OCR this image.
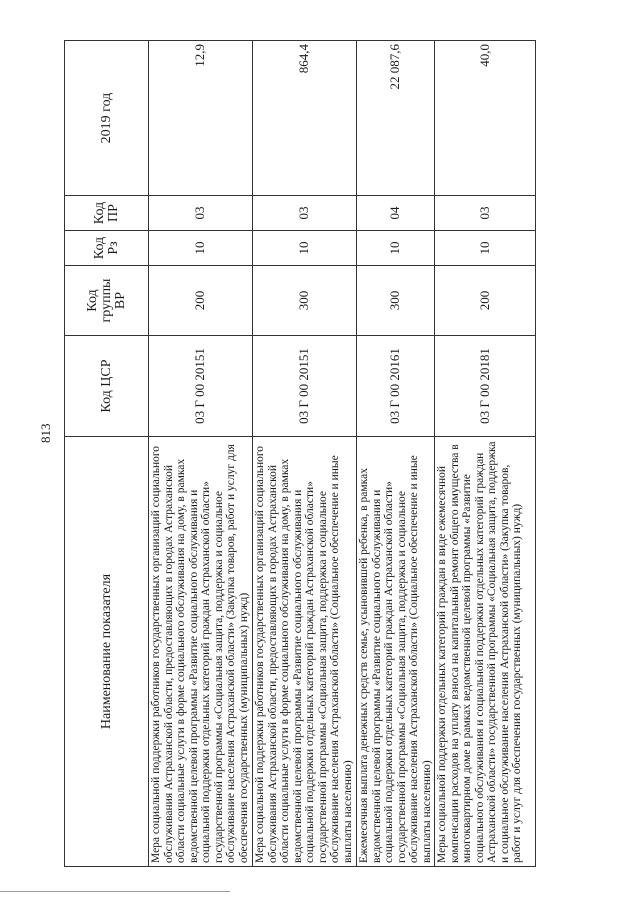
813
Наименование показателя	Код ЦСР	Код группы ВР	Код Рз	Код ПР	2019 год
Мера социальной поддержки работников государственных организаций социального обслуживания Астраханской области, предоставляющих в городах Астраханской области социальные услуги в форме социального обслуживания на дому, в рамках ведомственной целевой программы «Развитие социального обслуживания и социальной поддержки отдельных категорий граждан Астраханской области» государственной программы «Социальная защита, поддержка и социальное обслуживание населения Астраханской области» (Закупка товаров, работ и услуг для обеспечения государственных (муниципальных) нужд)	03 Г 00 20151	200	10	03	12,9
Мера социальной поддержки работников государственных организаций социального обслуживания Астраханской области, предоставляющих в городах Астраханской области социальные услуги в форме социального обслуживания на дому, в рамках ведомственной целевой программы «Развитие социального обслуживания и социальной поддержки отдельных категорий граждан Астраханской области» государственной программы «Социальная защита, поддержка и социальное обслуживание населения Астраханской области» (Социальное обеспечение и иные выплаты населению)	03 Г 00 20151	300	10	03	864,4
Ежемесячная выплата денежных средств семье, усыновившей ребенка, в рамках ведомственной целевой программы «Развитие социального обслуживания и социальной поддержки отдельных категорий граждан Астраханской области» государственной программы «Социальная защита, поддержка и социальное обслуживание населения Астраханской области» (Социальное обеспечение и иные выплаты населению)	03 Г 00 20161	300	10	04	22 087,6
Меры социальной поддержки отдельных категорий граждан в виде ежемесячной компенсации расходов на уплату взноса на капитальный ремонт общего имущества в многоквартирном доме в рамках ведомственной целевой программы «Развитие социального обслуживания и социальной поддержки отдельных категорий граждан Астраханской области» государственной программы «Социальная защита, поддержка и социальное обслуживание населения Астраханской области» (Закупка товаров, работ и услуг для обеспечения государственных (муниципальных) нужд)	03 Г 00 20181	200	10	03	40,0
